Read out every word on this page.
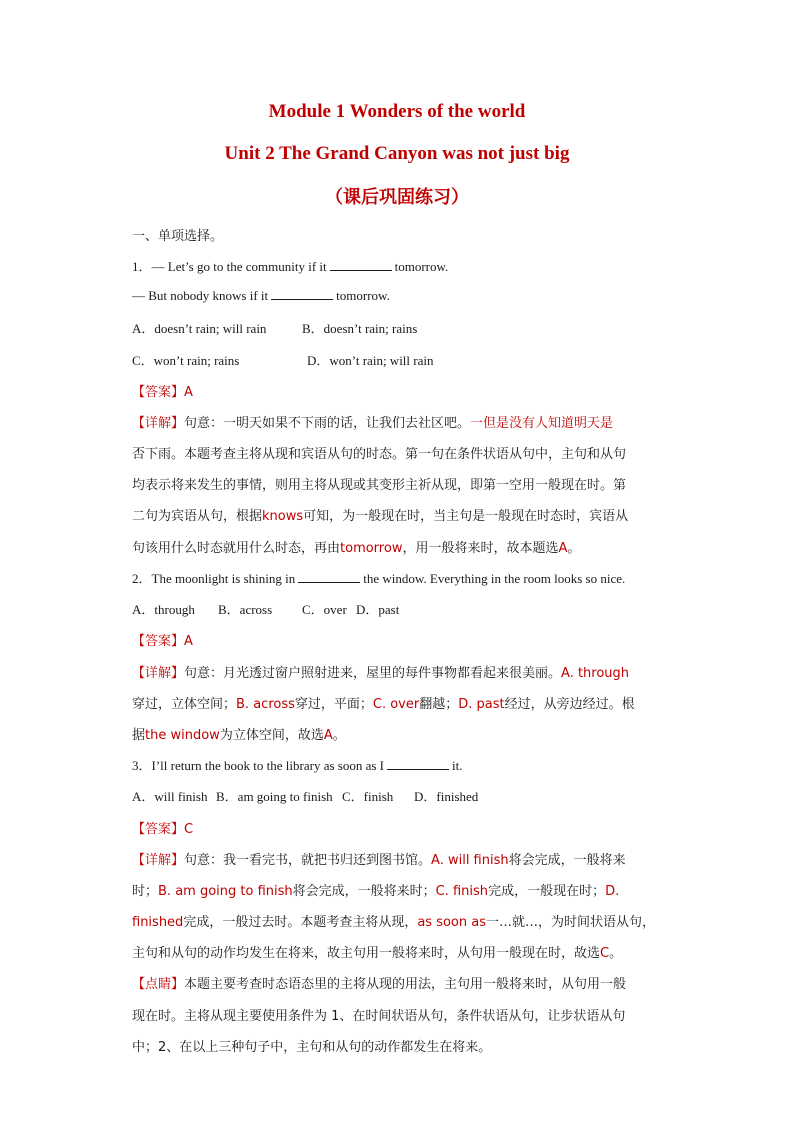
Module 1 Wonders of the world
Unit 2 The Grand Canyon was not just big
（课后巩固练习）
一、单项选择。
1．— Let’s go to the community if it	tomorrow.
— But nobody knows if it	tomorrow.
A．doesn’t rain; will rain	B．doesn’t rain; rains
C．won’t rain; rains	D．won’t rain; will rain
【答案】A
【详解】句意：一明天如果不下雨的话，让我们去社区吧。一但是没有人知道明天是
否下雨。本题考查主将从现和宾语从句的时态。第一句在条件状语从句中，主句和从句
均表示将来发生的事情，则用主将从现或其变形主祈从现，即第一空用一般现在时。第
二句为宾语从句，根据knows可知，为一般现在时，当主句是一般现在时态时，宾语从
句该用什么时态就用什么时态，再由tomorrow，用一般将来时，故本题选A。
2．The moonlight is shining in	the window. Everything in the room looks so nice.
A．through B．across C．over D．past
【答案】A
【详解】句意：月光透过窗户照射进来，屋里的每件事物都看起来很美丽。A. through
穿过，立体空间；B. across穿过，平面；C. over翻越；D. past经过，从旁边经过。根
据the window为立体空间，故选A。
3．I’ll return the book to the library as soon as I	it.
A．will finish B．am going to finish C．finish D．finished
【答案】C
【详解】句意：我一看完书，就把书归还到图书馆。A. will finish将会完成，一般将来
时；B. am going to finish将会完成，一般将来时；C. finish完成，一般现在时；D.
finished完成，一般过去时。本题考查主将从现，as soon as一…就…，为时间状语从句，
主句和从句的动作均发生在将来，故主句用一般将来时，从句用一般现在时，故选C。
【点睛】本题主要考查时态语态里的主将从现的用法，主句用一般将来时，从句用一般
现在时。主将从现主要使用条件为 1、在时间状语从句，条件状语从句，让步状语从句
中；2、在以上三种句子中，主句和从句的动作都发生在将来。
